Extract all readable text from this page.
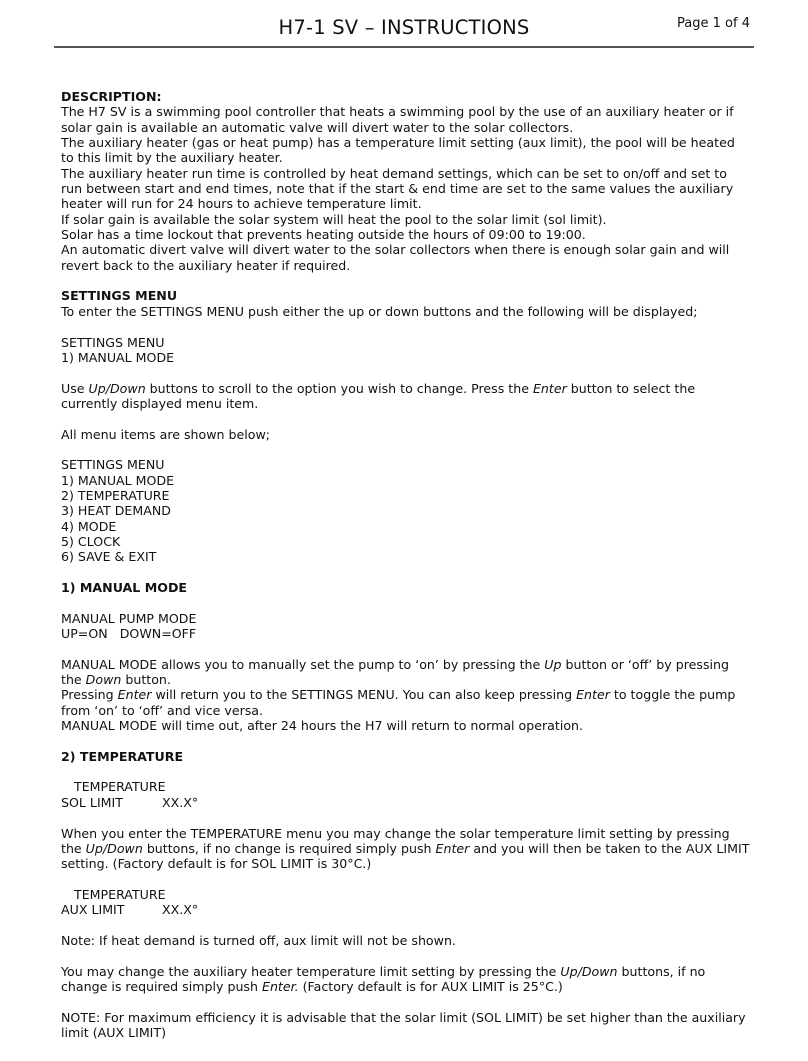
H7-1 SV – INSTRUCTIONS	Page 1 of 4

DESCRIPTION:

The H7 SV is a swimming pool controller that heats a swimming pool by the use of an auxiliary heater or if solar gain is available an automatic valve will divert water to the solar collectors.

The auxiliary heater (gas or heat pump) has a temperature limit setting (aux limit), the pool will be heated to this limit by the auxiliary heater.

The auxiliary heater run time is controlled by heat demand settings, which can be set to on/off and set to run between start and end times, note that if the start & end time are set to the same values the auxiliary heater will run for 24 hours to achieve temperature limit.

If solar gain is available the solar system will heat the pool to the solar limit (sol limit).

Solar has a time lockout that prevents heating outside the hours of 09:00 to 19:00.

An automatic divert valve will divert water to the solar collectors when there is enough solar gain and will revert back to the auxiliary heater if required.

SETTINGS MENU

To enter the SETTINGS MENU push either the up or down buttons and the following will be displayed;

SETTINGS MENU

1) MANUAL MODE

Use Up/Down buttons to scroll to the option you wish to change. Press the Enter button to select the currently displayed menu item.

All menu items are shown below;

SETTINGS MENU

1) MANUAL MODE

2) TEMPERATURE

3) HEAT DEMAND

4) MODE

5) CLOCK

6) SAVE & EXIT

1) MANUAL MODE

MANUAL PUMP MODE

UP=ON DOWN=OFF

MANUAL MODE allows you to manually set the pump to ‘on’ by pressing the Up button or ‘off’ by pressing the Down button.

Pressing Enter will return you to the SETTINGS MENU. You can also keep pressing Enter to toggle the pump from ‘on’ to ‘off’ and vice versa.

MANUAL MODE will time out, after 24 hours the H7 will return to normal operation.

2) TEMPERATURE

TEMPERATURE

SOL LIMIT	XX.X°

When you enter the TEMPERATURE menu you may change the solar temperature limit setting by pressing the Up/Down buttons, if no change is required simply push Enter and you will then be taken to the AUX LIMIT setting. (Factory default is for SOL LIMIT is 30°C.)

TEMPERATURE

AUX LIMIT	XX.X°

Note: If heat demand is turned off, aux limit will not be shown.

You may change the auxiliary heater temperature limit setting by pressing the Up/Down buttons, if no change is required simply push Enter. (Factory default is for AUX LIMIT is 25°C.)

NOTE: For maximum efficiency it is advisable that the solar limit (SOL LIMIT) be set higher than the auxiliary limit (AUX LIMIT)
